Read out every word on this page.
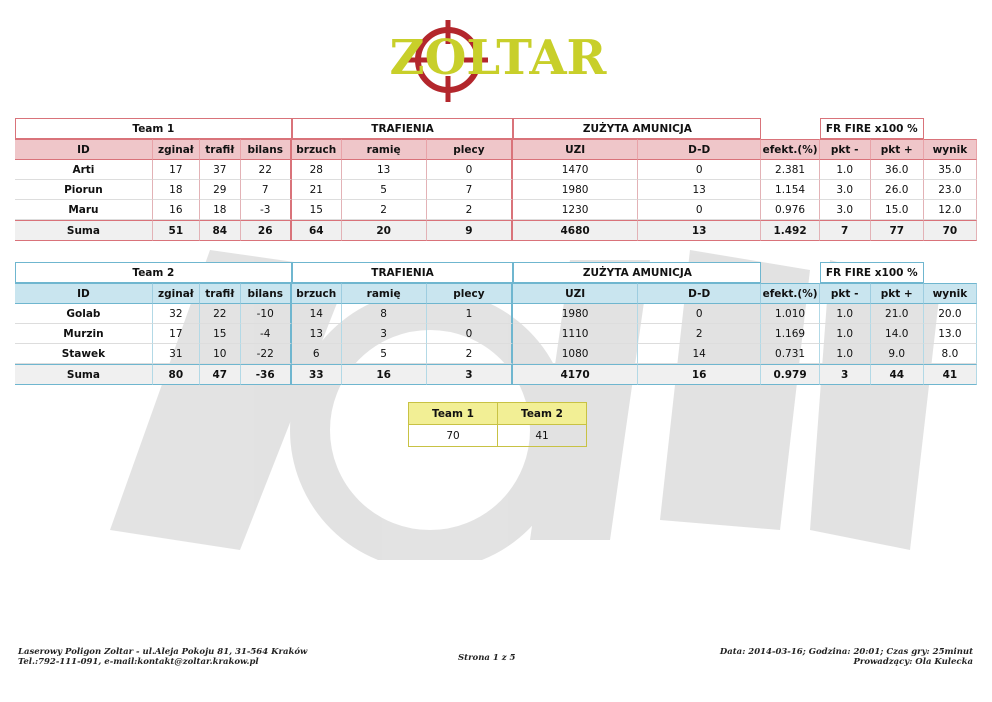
ZOLTAR
Team 1				TRAFIENIA			ZUŻYTA AMUNICJA			FR FIRE x100 %		
ID	zginał	trafił	bilans	brzuch	ramię	plecy	UZI	D-D	efekt.(%)	pkt -	pkt +	wynik
Arti	17	37	22	28	13	0	1470	0	2.381	1.0	36.0	35.0
Piorun	18	29	7	21	5	7	1980	13	1.154	3.0	26.0	23.0
Maru	16	18	-3	15	2	2	1230	0	0.976	3.0	15.0	12.0
Suma	51	84	26	64	20	9	4680	13	1.492	7	77	70
Team 2				TRAFIENIA			ZUŻYTA AMUNICJA			FR FIRE x100 %		
ID	zginał	trafił	bilans	brzuch	ramię	plecy	UZI	D-D	efekt.(%)	pkt -	pkt +	wynik
Golab	32	22	-10	14	8	1	1980	0	1.010	1.0	21.0	20.0
Murzin	17	15	-4	13	3	0	1110	2	1.169	1.0	14.0	13.0
Stawek	31	10	-22	6	5	2	1080	14	0.731	1.0	9.0	8.0
Suma	80	47	-36	33	16	3	4170	16	0.979	3	44	41
Team 1	Team 2
70	41
Laserowy Poligon Zoltar - ul.Aleja Pokoju 81, 31-564 Kraków
Tel.:792-111-091, e-mail:kontakt@zoltar.krakow.pl	Strona 1 z 5
Data: 2014-03-16; Godzina: 20:01; Czas gry: 25minut
Prowadzący: Ola Kulecka
